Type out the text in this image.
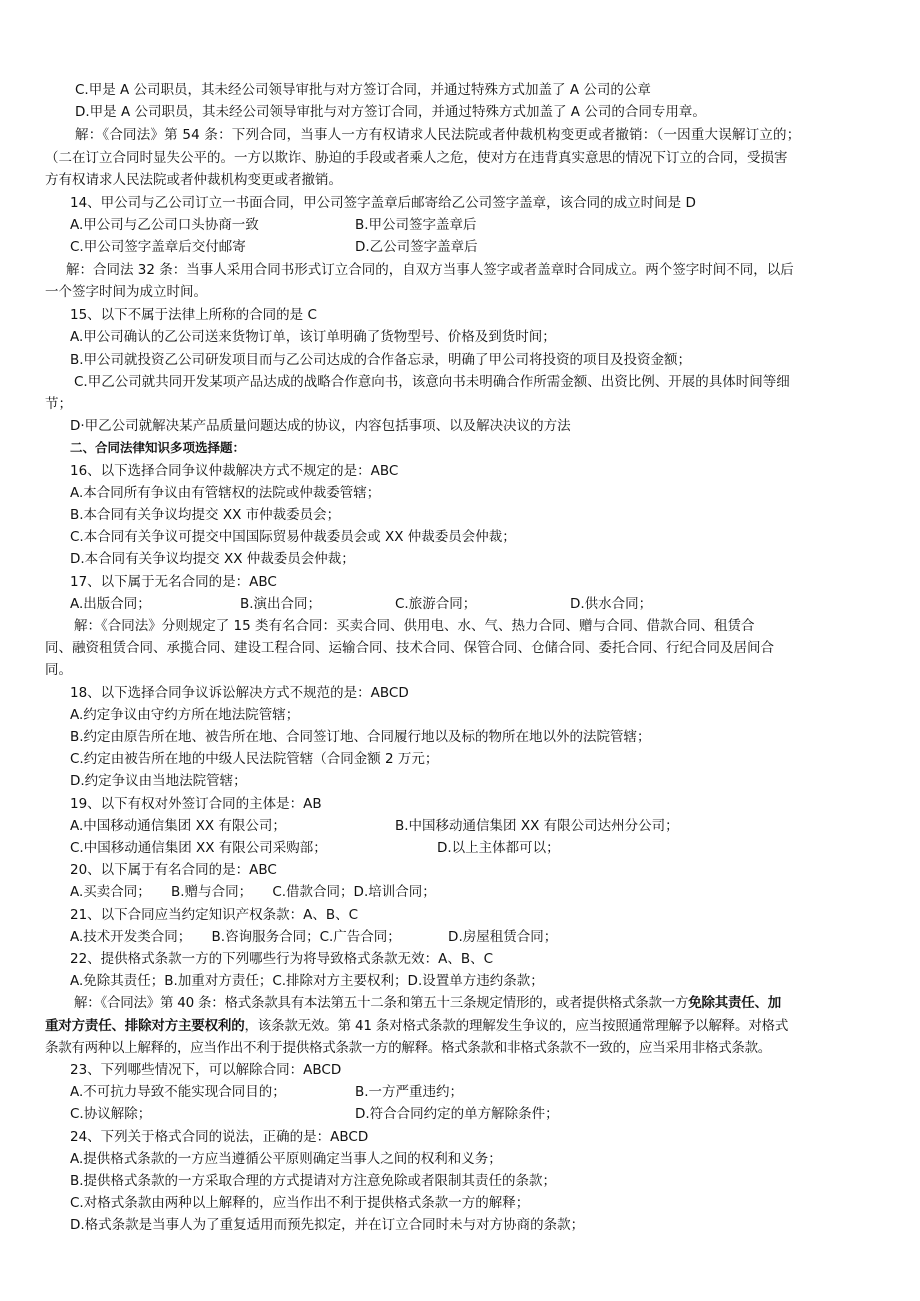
C.甲是 A 公司职员，其未经公司领导审批与对方签订合同，并通过特殊方式加盖了 A 公司的公章
D.甲是 A 公司职员，其未经公司领导审批与对方签订合同，并通过特殊方式加盖了 A 公司的合同专用章。
解：《合同法》第 54 条：下列合同，当事人一方有权请求人民法院或者仲裁机构变更或者撤销：（一因重大误解订立的；
（二在订立合同时显失公平的。一方以欺诈、胁迫的手段或者乘人之危，使对方在违背真实意思的情况下订立的合同，受损害
方有权请求人民法院或者仲裁机构变更或者撤销。
14、甲公司与乙公司订立一书面合同，甲公司签字盖章后邮寄给乙公司签字盖章，该合同的成立时间是 D
A.甲公司与乙公司口头协商一致	B.甲公司签字盖章后
C.甲公司签字盖章后交付邮寄	D.乙公司签字盖章后
解：合同法 32 条：当事人采用合同书形式订立合同的，自双方当事人签字或者盖章时合同成立。两个签字时间不同，以后
一个签字时间为成立时间。
15、以下不属于法律上所称的合同的是 C
A.甲公司确认的乙公司送来货物订单，该订单明确了货物型号、价格及到货时间；
B.甲公司就投资乙公司研发项目而与乙公司达成的合作备忘录，明确了甲公司将投资的项目及投资金额；
C.甲乙公司就共同开发某项产品达成的战略合作意向书，该意向书未明确合作所需金额、出资比例、开展的具体时间等细
节；
D·甲乙公司就解决某产品质量问题达成的协议，内容包括事项、以及解决决议的方法
二、合同法律知识多项选择题：
16、以下选择合同争议仲裁解决方式不规定的是：ABC
A.本合同所有争议由有管辖权的法院或仲裁委管辖；
B.本合同有关争议均提交 XX 市仲裁委员会；
C.本合同有关争议可提交中国国际贸易仲裁委员会或 XX 仲裁委员会仲裁；
D.本合同有关争议均提交 XX 仲裁委员会仲裁；
17、以下属于无名合同的是：ABC
A.出版合同；	B.演出合同；	C.旅游合同；	D.供水合同；
解：《合同法》分则规定了 15 类有名合同：买卖合同、供用电、水、气、热力合同、赠与合同、借款合同、租赁合
同、融资租赁合同、承揽合同、建设工程合同、运输合同、技术合同、保管合同、仓储合同、委托合同、行纪合同及居间合
同。
18、以下选择合同争议诉讼解决方式不规范的是：ABCD
A.约定争议由守约方所在地法院管辖；
B.约定由原告所在地、被告所在地、合同签订地、合同履行地以及标的物所在地以外的法院管辖；
C.约定由被告所在地的中级人民法院管辖（合同金额 2 万元；
D.约定争议由当地法院管辖；
19、以下有权对外签订合同的主体是：AB
A.中国移动通信集团 XX 有限公司；	B.中国移动通信集团 XX 有限公司达州分公司；
C.中国移动通信集团 XX 有限公司采购部；	D.以上主体都可以；
20、以下属于有名合同的是：ABC
A.买卖合同；　　B.赠与合同；　　C.借款合同；D.培训合同；
21、以下合同应当约定知识产权条款：A、B、C
A.技术开发类合同；　　B.咨询服务合同；C.广告合同；　　　　D.房屋租赁合同；
22、提供格式条款一方的下列哪些行为将导致格式条款无效：A、B、C
A.免除其责任；B.加重对方责任；C.排除对方主要权利；D.设置单方违约条款；
解：《合同法》第 40 条：格式条款具有本法第五十二条和第五十三条规定情形的，或者提供格式条款一方免除其责任、加
重对方责任、排除对方主要权利的，该条款无效。第 41 条对格式条款的理解发生争议的，应当按照通常理解予以解释。对格式
条款有两种以上解释的，应当作出不利于提供格式条款一方的解释。格式条款和非格式条款不一致的，应当采用非格式条款。
23、下列哪些情况下，可以解除合同：ABCD
A.不可抗力导致不能实现合同目的；	B.一方严重违约；
C.协议解除；	D.符合合同约定的单方解除条件；
24、下列关于格式合同的说法，正确的是：ABCD
A.提供格式条款的一方应当遵循公平原则确定当事人之间的权利和义务；
B.提供格式条款的一方采取合理的方式提请对方注意免除或者限制其责任的条款；
C.对格式条款由两种以上解释的，应当作出不利于提供格式条款一方的解释；
D.格式条款是当事人为了重复适用而预先拟定，并在订立合同时未与对方协商的条款；
